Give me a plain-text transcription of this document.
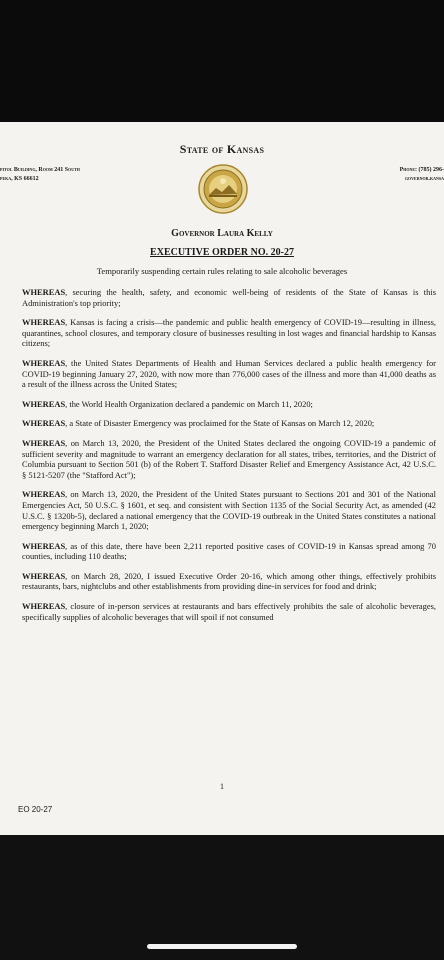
State of Kansas
pitol Building, Room 241 South
peka, KS 66612
Phone: (785) 296-
governor.kansa
Governor Laura Kelly
EXECUTIVE ORDER NO. 20-27
Temporarily suspending certain rules relating to sale alcoholic beverages

WHEREAS, securing the health, safety, and economic well-being of residents of the State of Kansas is this Administration's top priority;

WHEREAS, Kansas is facing a crisis—the pandemic and public health emergency of COVID-19—resulting in illness, quarantines, school closures, and temporary closure of businesses resulting in lost wages and financial hardship to Kansas citizens;

WHEREAS, the United States Departments of Health and Human Services declared a public health emergency for COVID-19 beginning January 27, 2020, with now more than 776,000 cases of the illness and more than 41,000 deaths as a result of the illness across the United States;

WHEREAS, the World Health Organization declared a pandemic on March 11, 2020;

WHEREAS, a State of Disaster Emergency was proclaimed for the State of Kansas on March 12, 2020;

WHEREAS, on March 13, 2020, the President of the United States declared the ongoing COVID-19 a pandemic of sufficient severity and magnitude to warrant an emergency declaration for all states, tribes, territories, and the District of Columbia pursuant to Section 501 (b) of the Robert T. Stafford Disaster Relief and Emergency Assistance Act, 42 U.S.C. § 5121-5207 (the "Stafford Act");

WHEREAS, on March 13, 2020, the President of the United States pursuant to Sections 201 and 301 of the National Emergencies Act, 50 U.S.C. § 1601, et seq. and consistent with Section 1135 of the Social Security Act, as amended (42 U.S.C. § 1320b-5), declared a national emergency that the COVID-19 outbreak in the United States constitutes a national emergency beginning March 1, 2020;

WHEREAS, as of this date, there have been 2,211 reported positive cases of COVID-19 in Kansas spread among 70 counties, including 110 deaths;

WHEREAS, on March 28, 2020, I issued Executive Order 20-16, which among other things, effectively prohibits restaurants, bars, nightclubs and other establishments from providing dine-in services for food and drink;

WHEREAS, closure of in-person services at restaurants and bars effectively prohibits the sale of alcoholic beverages, specifically supplies of alcoholic beverages that will spoil if not consumed

1
EO 20-27
